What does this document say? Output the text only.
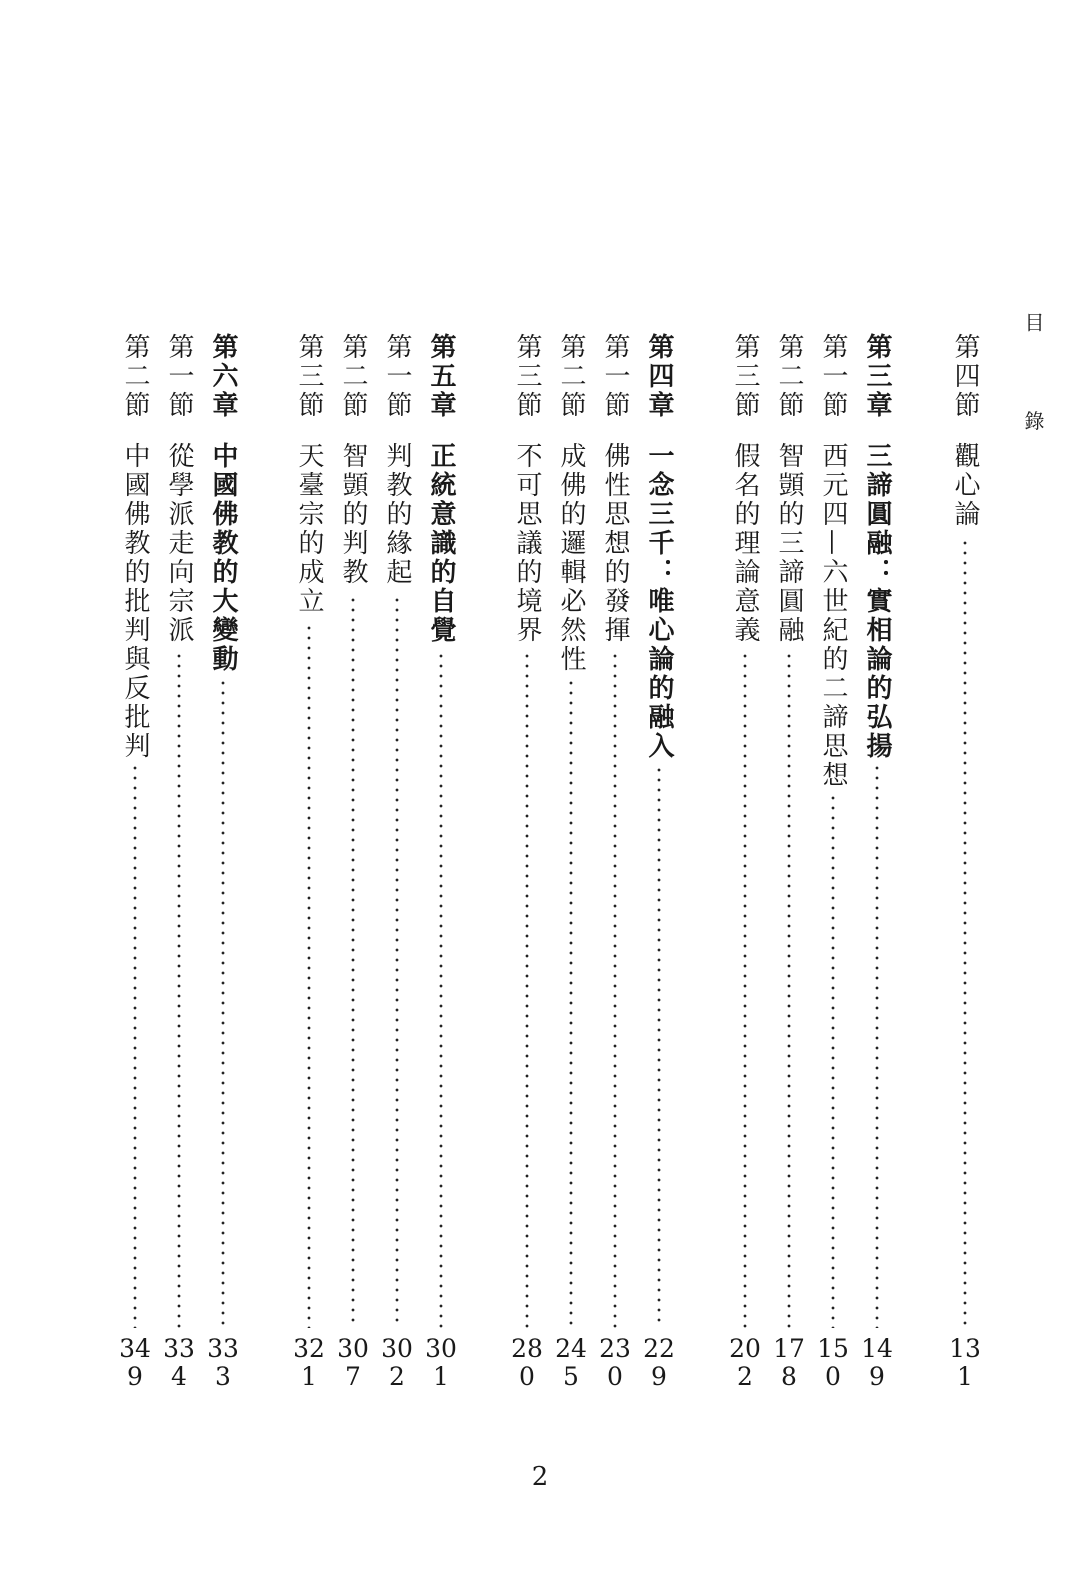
目 錄
第四節觀心論
131
第三章三諦圓融：實相論的弘揚
149
第一節西元四—六世紀的二諦思想
150
第二節智顗的三諦圓融
178
第三節假名的理論意義
202
第四章一念三千：唯心論的融入
229
第一節佛性思想的發揮
230
第二節成佛的邏輯必然性
245
第三節不可思議的境界
280
第五章正統意識的自覺
301
第一節判教的緣起
302
第二節智顗的判教
307
第三節天臺宗的成立
321
第六章中國佛教的大變動
333
第一節從學派走向宗派
334
第二節中國佛教的批判與反批判
349
2
